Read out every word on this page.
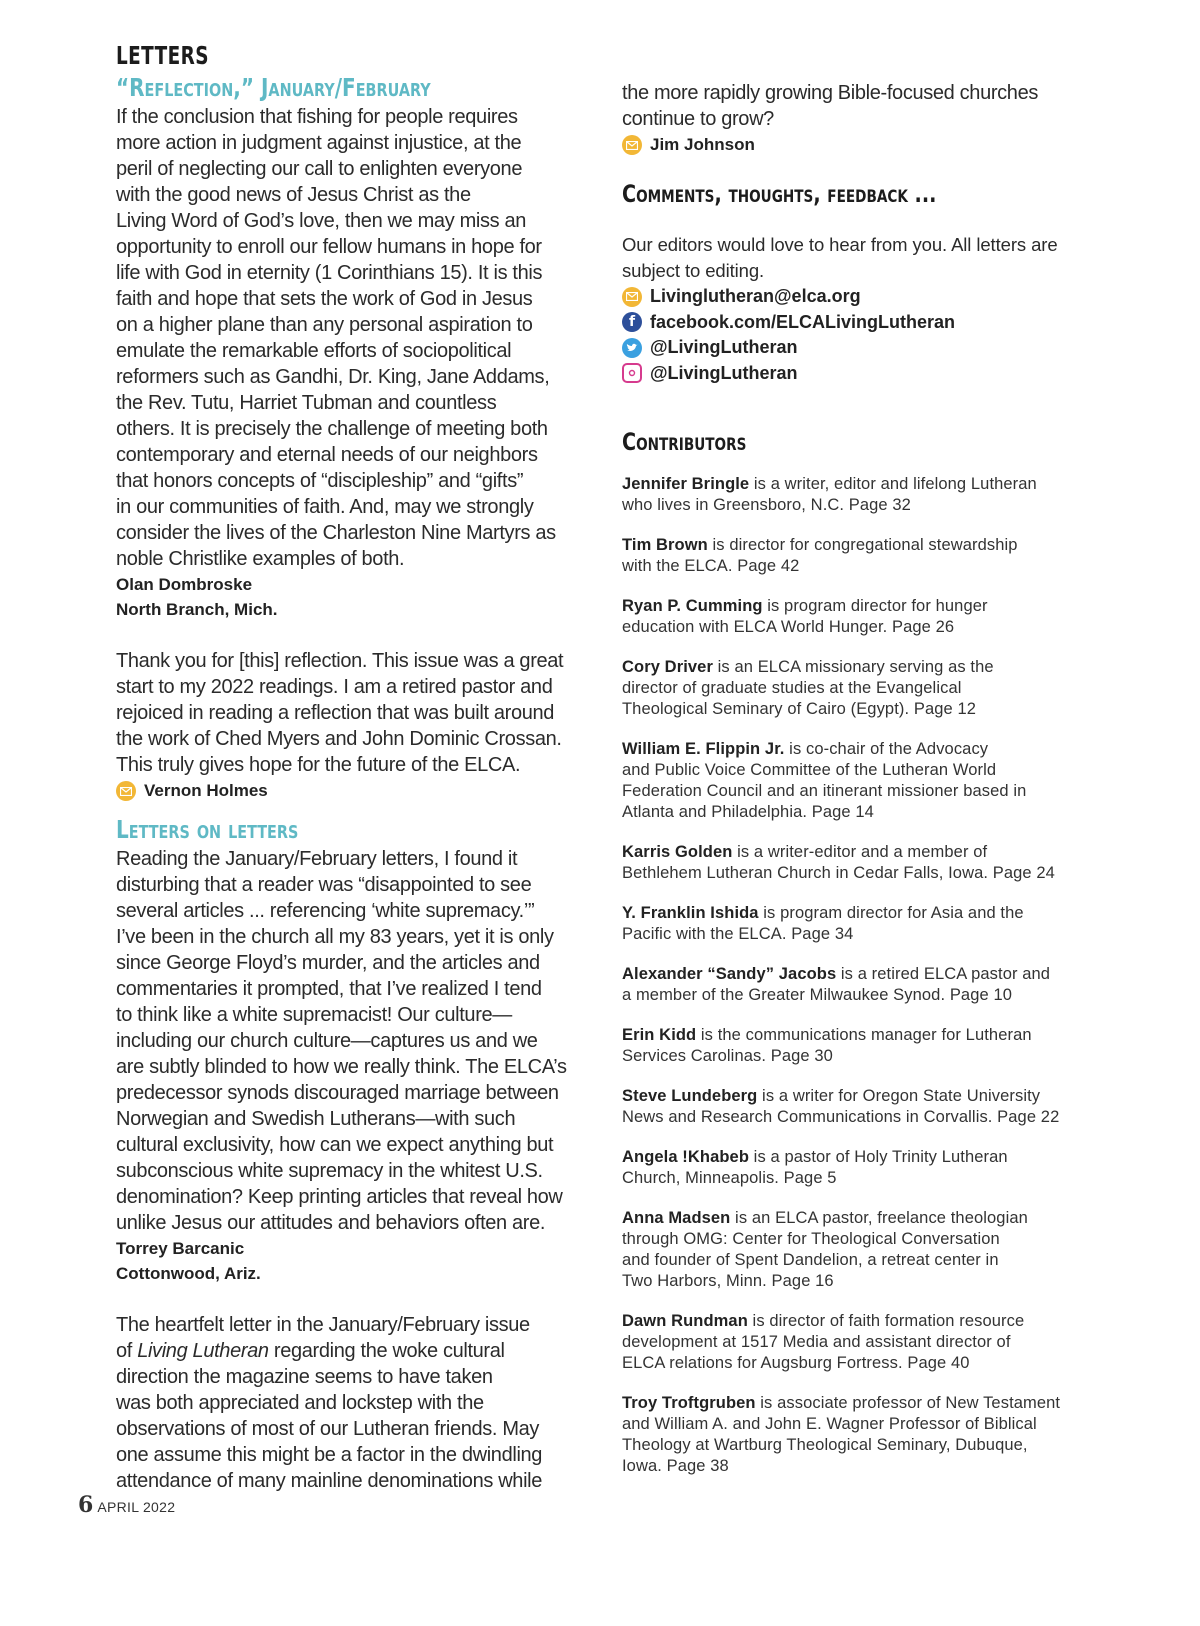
LETTERS
“Reflection,” January/February

If the conclusion that fishing for people requires

more action in judgment against injustice, at the

peril of neglecting our call to enlighten everyone

with the good news of Jesus Christ as the

Living Word of God’s love, then we may miss an

opportunity to enroll our fellow humans in hope for

life with God in eternity (1 Corinthians 15). It is this

faith and hope that sets the work of God in Jesus

on a higher plane than any personal aspiration to

emulate the remarkable efforts of sociopolitical

reformers such as Gandhi, Dr. King, Jane Addams,

the Rev. Tutu, Harriet Tubman and countless

others. It is precisely the challenge of meeting both

contemporary and eternal needs of our neighbors

that honors concepts of “discipleship” and “gifts”

in our communities of faith. And, may we strongly

consider the lives of the Charleston Nine Martyrs as

noble Christlike examples of both.

Olan Dombroske

North Branch, Mich.

Thank you for [this] reflection. This issue was a great

start to my 2022 readings. I am a retired pastor and

rejoiced in reading a reflection that was built around

the work of Ched Myers and John Dominic Crossan.

This truly gives hope for the future of the ELCA.

Vernon Holmes
Letters on letters

Reading the January/February letters, I found it

disturbing that a reader was “disappointed to see

several articles ... referencing ‘white supremacy.’”

I’ve been in the church all my 83 years, yet it is only

since George Floyd’s murder, and the articles and

commentaries it prompted, that I’ve realized I tend

to think like a white supremacist! Our culture—

including our church culture—captures us and we

are subtly blinded to how we really think. The ELCA’s

predecessor synods discouraged marriage between

Norwegian and Swedish Lutherans—with such

cultural exclusivity, how can we expect anything but

subconscious white supremacy in the whitest U.S.

denomination? Keep printing articles that reveal how

unlike Jesus our attitudes and behaviors often are.

Torrey Barcanic

Cottonwood, Ariz.

The heartfelt letter in the January/February issue

of Living Lutheran regarding the woke cultural

direction the magazine seems to have taken

was both appreciated and lockstep with the

observations of most of our Lutheran friends. May

one assume this might be a factor in the dwindling

attendance of many mainline denominations while

the more rapidly growing Bible-focused churches

continue to grow?

Jim Johnson
Comments, thoughts, feedback ...

Our editors would love to hear from you. All letters are

subject to editing.

Livinglutheran@elca.org
f facebook.com/ELCALivingLutheran
@LivingLutheran
@LivingLutheran
Contributors

Jennifer Bringle is a writer, editor and lifelong Lutheran
who lives in Greensboro, N.C. Page 32

Tim Brown is director for congregational stewardship
with the ELCA. Page 42

Ryan P. Cumming is program director for hunger
education with ELCA World Hunger. Page 26

Cory Driver is an ELCA missionary serving as the
director of graduate studies at the Evangelical
Theological Seminary of Cairo (Egypt). Page 12

William E. Flippin Jr. is co-chair of the Advocacy
and Public Voice Committee of the Lutheran World
Federation Council and an itinerant missioner based in
Atlanta and Philadelphia. Page 14

Karris Golden is a writer-editor and a member of
Bethlehem Lutheran Church in Cedar Falls, Iowa. Page 24

Y. Franklin Ishida is program director for Asia and the
Pacific with the ELCA. Page 34

Alexander “Sandy” Jacobs is a retired ELCA pastor and
a member of the Greater Milwaukee Synod. Page 10

Erin Kidd is the communications manager for Lutheran
Services Carolinas. Page 30

Steve Lundeberg is a writer for Oregon State University
News and Research Communications in Corvallis. Page 22

Angela !Khabeb is a pastor of Holy Trinity Lutheran
Church, Minneapolis. Page 5

Anna Madsen is an ELCA pastor, freelance theologian
through OMG: Center for Theological Conversation
and founder of Spent Dandelion, a retreat center in
Two Harbors, Minn. Page 16

Dawn Rundman is director of faith formation resource
development at 1517 Media and assistant director of
ELCA relations for Augsburg Fortress. Page 40

Troy Troftgruben is associate professor of New Testament
and William A. and John E. Wagner Professor of Biblical
Theology at Wartburg Theological Seminary, Dubuque,
Iowa. Page 38

6 APRIL 2022
